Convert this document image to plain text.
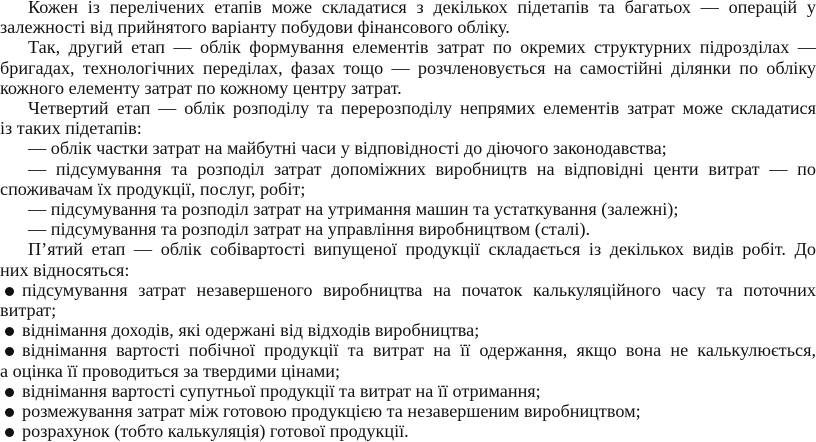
Кожен із перелічених етапів може складатися з декількох підетапів та багатьох — операцій у
залежності від прийнятого варіанту побудови фінансового обліку.
Так, другий етап — облік формування елементів затрат по окремих структурних підрозділах —
бригадах, технологічних переділах, фазах тощо — розчленовується на самостійні ділянки по обліку
кожного елементу затрат по кожному центру затрат.
Четвертий етап — облік розподілу та перерозподілу непрямих елементів затрат може складатися
із таких підетапів:
— облік частки затрат на майбутні часи у відповідності до діючого законодавства;
— підсумування та розподіл затрат допоміжних виробництв на відповідні центи витрат — по
споживачам їх продукції, послуг, робіт;
— підсумування та розподіл затрат на утримання машин та устаткування (залежні);
— підсумування та розподіл затрат на управління виробництвом (сталі).
П’ятий етап — облік собівартості випущеної продукції складається із декількох видів робіт. До
них відносяться:
підсумування затрат незавершеного виробництва на початок калькуляційного часу та поточних
витрат;
віднімання доходів, які одержані від відходів виробництва;
віднімання вартості побічної продукції та витрат на її одержання, якщо вона не калькулюється,
а оцінка її проводиться за твердими цінами;
віднімання вартості супутньої продукції та витрат на її отримання;
розмежування затрат між готовою продукцією та незавершеним виробництвом;
розрахунок (тобто калькуляція) готової продукції.
